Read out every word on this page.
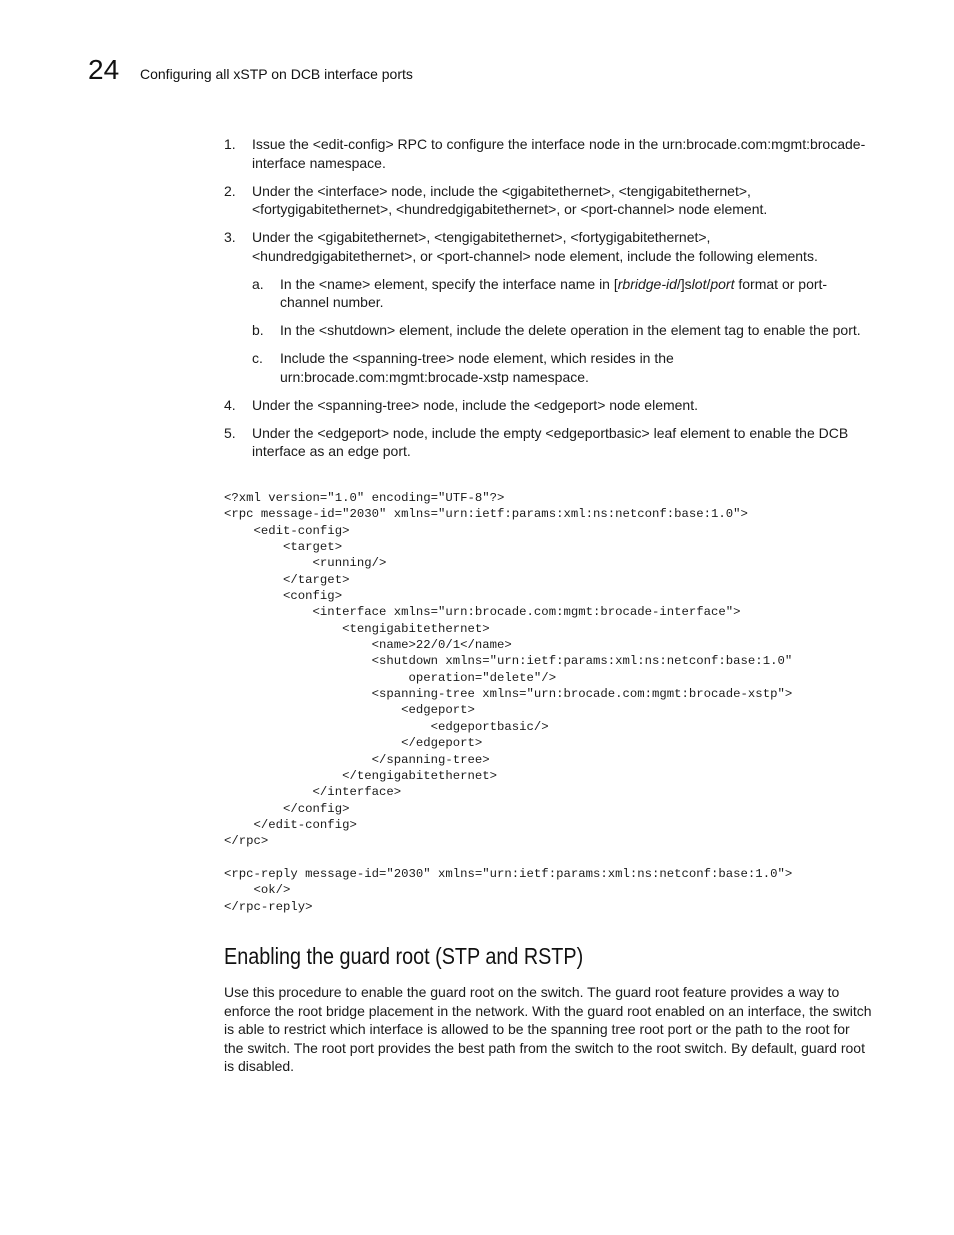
24 Configuring all xSTP on DCB interface ports
1.	Issue the <edit-config> RPC to configure the interface node in the urn:brocade.com:mgmt:brocade-interface namespace.
2.	Under the <interface> node, include the <gigabitethernet>, <tengigabitethernet>, <fortygigabitethernet>, <hundredgigabitethernet>, or <port-channel> node element.
3.	Under the <gigabitethernet>, <tengigabitethernet>, <fortygigabitethernet>, <hundredgigabitethernet>, or <port-channel> node element, include the following elements.
a.	In the <name> element, specify the interface name in [rbridge-id/]slot/port format or port-channel number.
b.	In the <shutdown> element, include the delete operation in the element tag to enable the port.
c.	Include the <spanning-tree> node element, which resides in the urn:brocade.com:mgmt:brocade-xstp namespace.
4.	Under the <spanning-tree> node, include the <edgeport> node element.
5.	Under the <edgeport> node, include the empty <edgeportbasic> leaf element to enable the DCB interface as an edge port.
<?xml version="1.0" encoding="UTF-8"?>
<rpc message-id="2030" xmlns="urn:ietf:params:xml:ns:netconf:base:1.0">
<edit-config>
<target>
<running/>
</target>
<config>
<interface xmlns="urn:brocade.com:mgmt:brocade-interface">
<tengigabitethernet>
<name>22/0/1</name>
<shutdown xmlns="urn:ietf:params:xml:ns:netconf:base:1.0"
operation="delete"/>
<spanning-tree xmlns="urn:brocade.com:mgmt:brocade-xstp">
<edgeport>
<edgeportbasic/>
</edgeport>
</spanning-tree>
</tengigabitethernet>
</interface>
</config>
</edit-config>
</rpc>

<rpc-reply message-id="2030" xmlns="urn:ietf:params:xml:ns:netconf:base:1.0">
<ok/>
</rpc-reply>
Enabling the guard root (STP and RSTP)

Use this procedure to enable the guard root on the switch. The guard root feature provides a way to enforce the root bridge placement in the network. With the guard root enabled on an interface, the switch is able to restrict which interface is allowed to be the spanning tree root port or the path to the root for the switch. The root port provides the best path from the switch to the root switch. By default, guard root is disabled.
